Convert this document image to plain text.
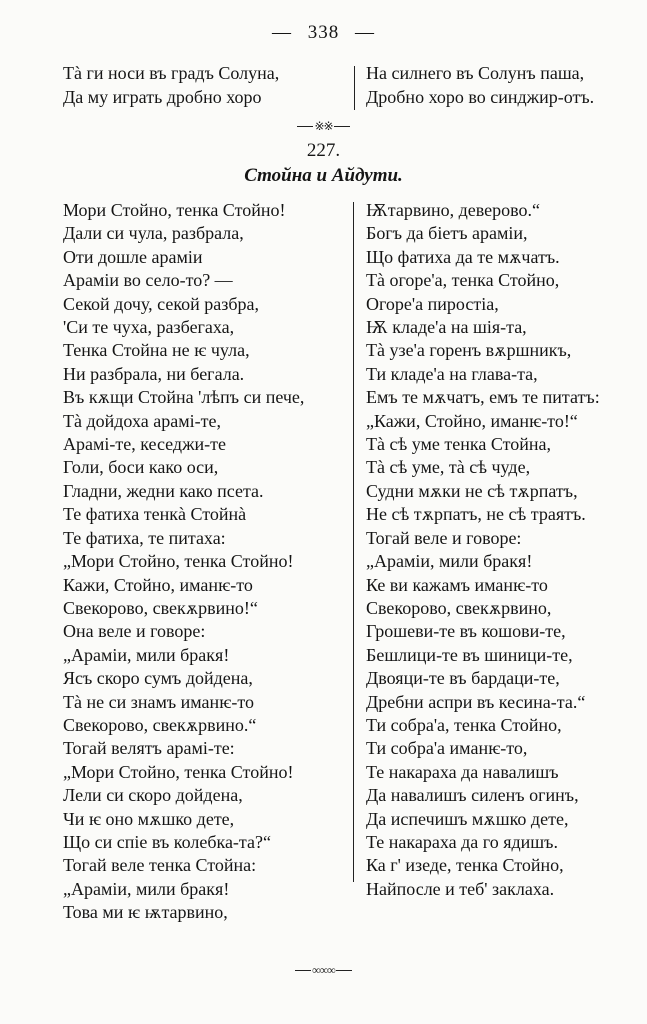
— 338 —
Tà ги носи въ градъ Солуна,
Да му играть дробно хоро
На силнего въ Солунъ паша,
Дробно хоро во синджир-отъ.
※※
227.
Стойна и Айдути.
Мори Стойно, тенка Стойно!
Дали си чула, разбрала,
Оти дошле арамiи
Арамiи во село-то? —
Секой дочу, секой разбра,
'Си те чуха, разбегаха,
Тенка Стойна не ѥ чула,
Ни разбрала, ни бегала.
Въ кѫщи Стойна 'лѣпъ си пече,
Tà дойдоха арамi-те,
Арамi-те, кеседжи-те
Голи, боси како оси,
Гладни, жедни како псета.
Те фатиха тенкà Стойнà
Те фатиха, те питаха:
„Мори Стойно, тенка Стойно!
Кажи, Стойно, иманѥ-то
Свекорово, свекѫрвино!“
Она веле и говоре:
„Арамiи, мили бракя!
Ясъ скоро сумъ дойдена,
Tà не си знамъ иманѥ-то
Свекорово, свекѫрвино.“
Тогай велятъ арамi-те:
„Мори Стойно, тенка Стойно!
Лели си скоро дойдена,
Чи ѥ оно мѫшко дете,
Що си спiе въ колебка-та?“
Тогай веле тенка Стойна:
„Арамiи, мили бракя!
Това ми ѥ ѭтарвино,
Ѭтарвино, деверово.“
Богъ да бiетъ арамiи,
Що фатиха да те мѫчатъ.
Tà огоре'а, тенка Стойно,
Огоре'а пиростiа,
Ѭ кладе'а на шiя-та,
Tà узе'а горенъ вѫршникъ,
Ти кладе'а на глава-та,
Емъ те мѫчатъ, емъ те питатъ:
„Кажи, Стойно, иманѥ-то!“
Tà сѣ уме тенка Стойна,
Tà сѣ уме, тà сѣ чуде,
Судни мѫки не сѣ тѫрпатъ,
Не сѣ тѫрпатъ, не сѣ траятъ.
Тогай веле и говоре:
„Арамiи, мили бракя!
Ке ви кажамъ иманѥ-то
Свекорово, свекѫрвино,
Грошеви-те въ кошови-те,
Бешлици-те въ шиници-те,
Двояци-те въ бардаци-те,
Дребни аспри въ кесина-та.“
Ти собра'а, тенка Стойно,
Ти собра'а иманѥ-то,
Те накараха да навалишъ
Да навалишъ силенъ огинъ,
Да испечишъ мѫшко дете,
Те накараха да го ядишъ.
Ка г' изеде, тенка Стойно,
Найпосле и теб' заклаха.
∞∞∞
